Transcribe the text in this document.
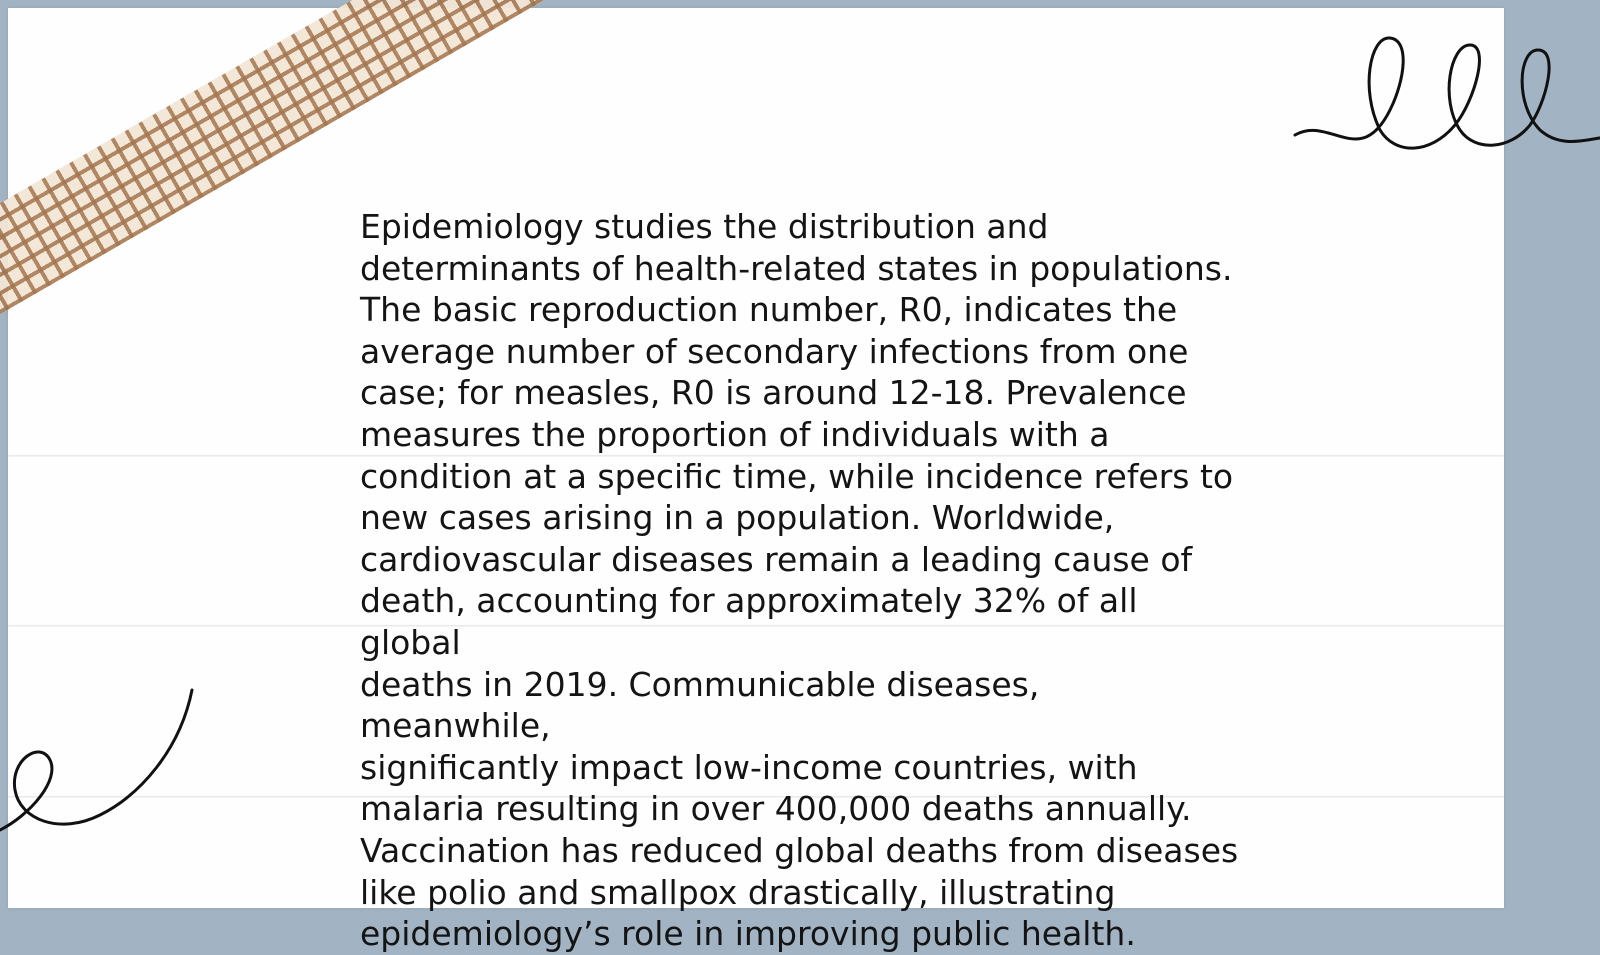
Epidemiology studies the distribution and
determinants of health-related states in populations.
The basic reproduction number, R0, indicates the
average number of secondary infections from one
case; for measles, R0 is around 12-18. Prevalence
measures the proportion of individuals with a
condition at a specific time, while incidence refers to
new cases arising in a population. Worldwide,
cardiovascular diseases remain a leading cause of
death, accounting for approximately 32% of all global
deaths in 2019. Communicable diseases, meanwhile,
significantly impact low-income countries, with
malaria resulting in over 400,000 deaths annually.
Vaccination has reduced global deaths from diseases
like polio and smallpox drastically, illustrating
epidemiology’s role in improving public health.
